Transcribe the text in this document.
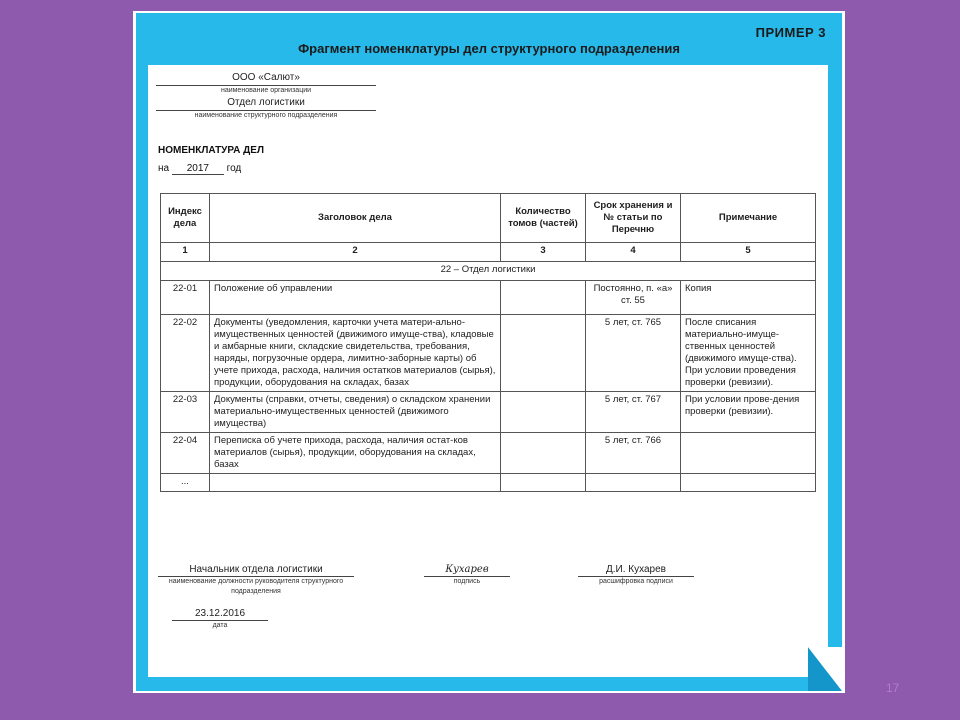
ПРИМЕР 3
Фрагмент номенклатуры дел структурного подразделения
ООО «Салют»
наименование организации
Отдел логистики
наименование структурного подразделения
НОМЕНКЛАТУРА ДЕЛ
на 2017 год
Индекс дела	Заголовок дела	Количество томов (частей)	Срок хранения и № статьи по Перечню	Примечание
1	2	3	4	5
22 – Отдел логистики				
22-01	Положение об управлении		Постоянно, п. «а» ст. 55	Копия
22-02	Документы (уведомления, карточки учета матери-ально-имущественных ценностей (движимого имуще-ства), кладовые и амбарные книги, складские свидетельства, требования, наряды, погрузочные ордера, лимитно-заборные карты) об учете прихода, расхода, наличия остатков материалов (сырья), продукции, оборудования на складах, базах		5 лет, ст. 765	После списания материально-имуще-ственных ценностей (движимого имуще-ства). При условии проведения проверки (ревизии).
22-03	Документы (справки, отчеты, сведения) о складском хранении материально-имущественных ценностей (движимого имущества)		5 лет, ст. 767	При условии прове-дения проверки (ревизии).
22-04	Переписка об учете прихода, расхода, наличия остат-ков материалов (сырья), продукции, оборудования на складах, базах		5 лет, ст. 766	
...				
Начальник отдела логистики
наименование должности руководителя структурного подразделения
Кухарев
подпись
Д.И. Кухарев
расшифровка подписи
23.12.2016
дата
17
